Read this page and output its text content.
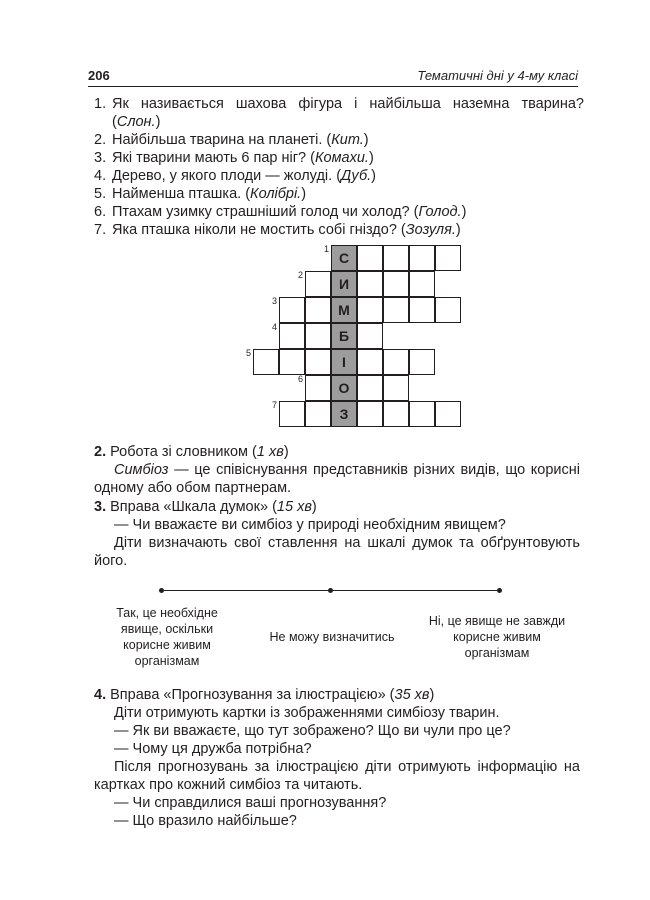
206	Тематичні дні у 4-му класі
1. Як називається шахова фігура і найбільша наземна тварина?
(Слон.)
2. Найбільша тварина на планеті. (Кит.)
3. Які тварини мають 6 пар ніг? (Комахи.)
4. Дерево, у якого плоди — жолуді. (Дуб.)
5. Найменша пташка. (Колібрі.)
6. Птахам узимку страшніший голод чи холод? (Голод.)
7. Яка пташка ніколи не мостить собі гніздо? (Зозуля.)
1
С
2
И
3
М
4
Б
5
І
6
О
7
З
2. Робота зі словником (1 хв)
Симбіоз — це співіснування представників різних видів, що корисні одному або обом партнерам.
3. Вправа «Шкала думок» (15 хв)
— Чи вважаєте ви симбіоз у природі необхідним явищем?
Діти визначають свої ставлення на шкалі думок та обґрунтовують його.
Так, це необхідне явище, оскільки корисне живим організмам
Не можу визначитись
Ні, це явище не завжди корисне живим організмам
4. Вправа «Прогнозування за ілюстрацією» (35 хв)
Діти отримують картки із зображеннями симбіозу тварин.
— Як ви вважаєте, що тут зображено? Що ви чули про це?
— Чому ця дружба потрібна?
Після прогнозувань за ілюстрацією діти отримують інформацію на картках про кожний симбіоз та читають.
— Чи справдилися ваші прогнозування?
— Що вразило найбільше?
